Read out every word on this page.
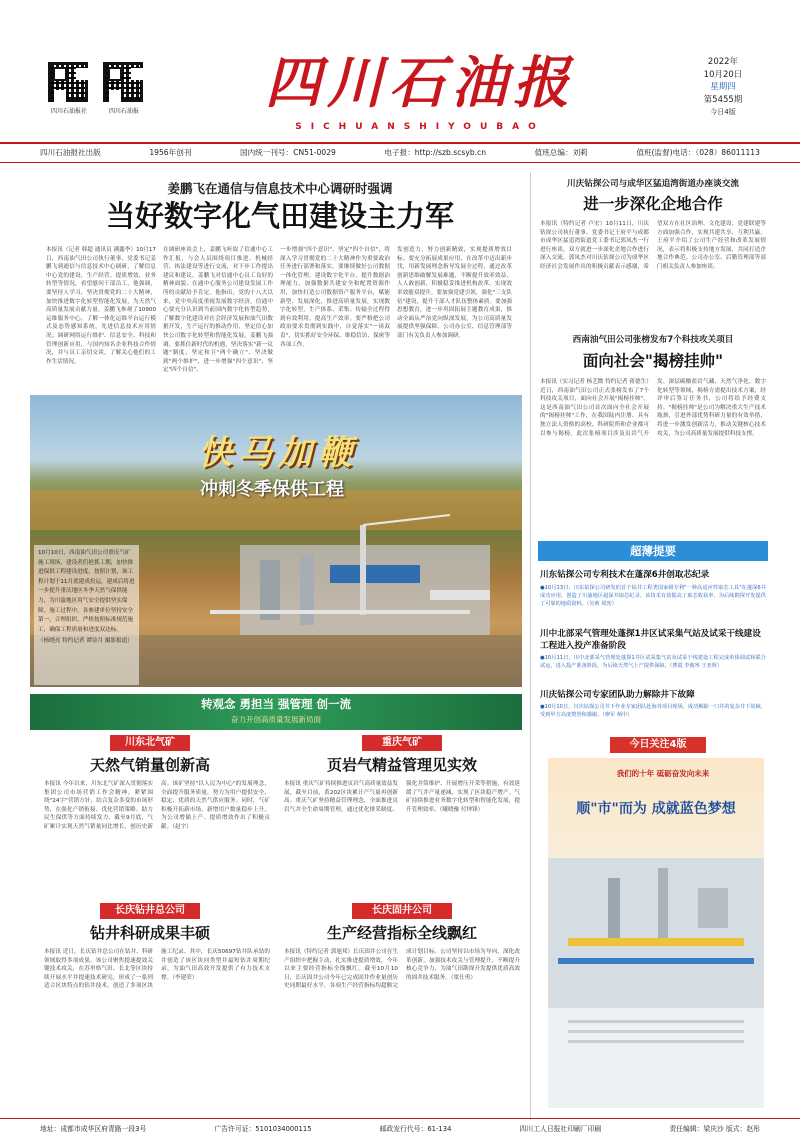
四川石油报社	四川石油报	四川石油报
SICHUANSHIYOUBAO
2022年
10月20日
星期四
第5455期
今日4版
四川石油报社出版	1956年创刊	国内统一刊号：CN51-0029	电子报：http://szb.scsyb.cn	值班总编：刘莉	值班(监督)电话：（028）86011113
姜鹏飞在通信与信息技术中心调研时强调
当好数字化气田建设主力军
本报讯（记者 韩超 通讯员 满鑫李）10月17日，西南油气田公司执行董事、党委书记姜鹏飞到通信与信息技术中心调研，了解信息中心党的建设、生产经营、提质增效、业务转型等情况，看望慰问干部员工，他强调，要坚持人学习，坚决贯彻党的二十大精神，加快推进数字化转型智能化发展，为天然气高质量发展贡献力量。姜鹏飞参观了10900运维服务中心，了解一体化运维平台运行模式及态势感知系统，先进信息技术应用情况；调研网络运行维护、信息安全、科技和管理创新应用，与国内知名企业科技合作情况，并与员工亲切交谈，了解关心他们的工作生活情况。
在调研座谈会上，姜鹏飞听取了信通中心工作汇报，与会人员围绕项目推进、机械经营、执法建设等进行交流，对下步工作提出建议和建议。姜鹏飞对信通中心员工良好的精神面貌、在通中心服务公司建设发展工作所的贡献给予肯定。他指出，党的十八大以来，党中央高度重视发展数字经济，信通中心要充分认识到当前国内数字化转型趋势，了解数字化建设对社会经济发展和油气田数据开发，生产运行的推动作用，坚定信心加快公司数字化转型和智能化发展。姜鹏飞强调，要抓住新时代的机遇，坚决落实"新一议题"制度，坚定和卫"两个确立"、坚决做到"两个维护"，进一步增强"四个意识"、坚定"四个自信"。
一步增强"四个意识"、坚定"四个自信"，将深入学习贯彻党的二十大精神作为重要政治任务进行部署和落实。要继续做好公司数据一体化管理，建设数字化平台，提升数据治理能力，加强数据共建安全和配置资源作用，加快打造公司数据资产服务平台，赋能新型、发展深化，推进高质量发展，实现数字化转型，生产体系、采集、传输全过程得到有效利用，提高生产效率。要严格把公司政治要求贯彻到实践中，自觉落实"一岗双责"，切实抓好安全环保、维稳信访、保密等各项工作。
发创造力，努力创新精致，实现提质增效目标。要充分拓展成果应用，在改革中迈出新步伐，用新发展理念指导发展全过程，通过改革创新思维破解发展难题，不断提升效率效益，人人敢创新，积极稳妥推进机构改革，实现效率效能双提升。要加强党建引领，强化"三支队伍"建设，提升干部人才队伍整体素质。要加强思想教育，进一步巩固拓展主题教育成果，推动全面从严治党向纵深发展，为公司高质量发展提供坚强保障。公司办公室、信息管理部等部门有关负责人参加调研。
快马加鞭
冲刺冬季保供工程
10月10日，西南油气田公司重庆气矿施工现场，建设者们抢抓工期，加快推进保供工程建设进度。按照计划，该工程计划于11月底建成投运，建成后将进一步提升重庆地区冬季天然气保供能力，为川渝地区用气安全提供坚实保障。施工过程中，各参建单位坚持安全第一，合理组织，严格按照标准规范施工，确保工程质量和进度双达标。
（杨晓亮 特约记者 谭诗月 摄影报道）
转观念 勇担当 强管理 创一流
奋力开创高质量发展新局面
川东北气矿
天然气销量创新高
本报讯 今年以来，川东北气矿深入贯彻落实集团公司市场营销工作会精神，紧紧围绕"24字"营销方针，结合复杂多变的市场形势，在强化产销衔接、优化营销策略、助力民生保供等方面持续发力，截至9月底，气矿累计实现天然气销量同比增长，创历史新高。该矿坚持"以人民为中心"的发展理念，全面提升服务质量，努力为用户提供安全、稳定、优质的天然气供应服务。同时，气矿积极开拓新市场，新增用户数量稳步上升，为公司增储上产、提质增效作出了积极贡献。（赵宇）
重庆气矿
页岩气精益管理见实效
本报讯 重庆气矿持续推进页岩气高质量效益发展，截至目前，黄202区块累计产气量再创新高。重庆气矿坚持精益管理理念，全面推进页岩气井全生命周期管理，通过优化排采制度、强化井筒维护、开展增压开采等措施，有效延缓了气井产量递减，实现了区块稳产增产。气矿持续推进业务数字化转型和智能化发展，提升管理效率。（曦晓豫 付钟锋）
长庆钻井总公司
钻井科研成果丰硕
本报讯 近日，长庆钻井总公司在钻井、科研领域取得多项成果。该公司聚焦提速提效关键技术攻关，在苏里格气田、长北等区块持续开展水平井提速技术研究，形成了一系列适合区块特点的钻井技术，创造了多项区块施工纪录。其中，长庆50697钻井队承钻的井创造了该区块同类型井最短钻井周期纪录，为油气田高效开发提供了有力技术支撑。（李建荣）
长庆固井公司
生产经营指标全线飘红
本报讯（特约记者 郭旭邦）长庆固井公司在生产组织中把握主动，扎实推进提质增效，今年以来主要经营指标全线飘红。截至10月10日，长庆固井公司今年已完成固井作业量创历史同期最好水平，各项生产经营指标均超额完成计划目标。公司坚持以市场为导向，深化改革创新，加强技术攻关与管理提升，不断提升核心竞争力，为油气田勘探开发提供优质高效的固井技术服务。（梁仕勇）
川庆钻探公司与成华区猛追湾街道办座谈交流
进一步深化企地合作
本报讯（特约记者 卢宏）10月11日，川庆钻探公司执行董事、党委书记王府平与成都市成华区猛追湾街道党工委书记郭凤杰一行进行座谈，双方就进一步深化企地合作进行深入交流。郭凤杰对川庆钻探公司为成华区经济社会发展作出的积极贡献表示感谢，希望双方在社区治理、文化建设、党建联建等方面加强合作，实现共建共享、互利共赢。王府平介绍了公司生产经营和改革发展情况，表示将积极支持地方发展，共同打造企地合作典范。公司办公室、后勤管理部等部门相关负责人参加座谈。
西南油气田公司张榜发布7个科技攻关项目
面向社会"揭榜挂帅"
本报讯（实习记者 杨艺微 特约记者 蒋德生）近日，西南油气田公司正式张榜发布了7个科技攻关项目，面向社会开展"揭榜挂帅"。这是西南油气田公司首次面向全社会开展的"揭榜挂帅"工作，在我国陆内注册、具有独立法人资格的高校、科研院所和企业都可以参与揭榜。此次张榜项目涉及页岩气开发、深层碳酸盐岩气藏、天然气净化、数字化转型等领域，揭榜方需提出技术方案，经评审后签订任务书，公司将给予经费支持。"揭榜挂帅"是公司为解决重大生产技术瓶颈，引进外部优势科研力量的有效举措，将进一步激发创新活力，推动关键核心技术攻关，为公司高质量发展提供科技支撑。
超薄提要
川东钻探公司专利技术在蓬深6井创取芯纪录
●10月13日，川东钻探公司研发的首个钻井工程类国家级专利"一种高适应性取芯工具"在蓬深6井成功应用，创造了川渝地区超深井取芯纪录。该技术有效提高了取芯收获率，为后续勘探开发提供了可靠的地质资料。（吴莉 周密）
川中北部采气管理处蓬探1井区试采集气站及试采干线建设工程进入投产准备阶段
●10月11日，川中北部采气管理处蓬探1井区试采集气站及试采干线建设工程完成单体调试和联合试运，进入投产准备阶段，为后续天然气上产提供保障。（曹霞 李俊岑 王亚辉）
川庆钻探公司专家团队助力解除井下故障
●10月10日，川庆钻探公司井下作业专家团队赴海外项目现场，成功解除一口井的复杂井下故障，受到甲方高度赞誉和感谢。（廖军 杨中）
今日关注4版
我们的十年 砥砺奋发向未来
顺"市"而为 成就蓝色梦想
地址：成都市成华区府青路一段3号	广告许可证：5101034000115	邮政发行代号：61-134	四川工人日报社印刷厂印刷	责任编辑：梁庆沙 版式：赵彤
